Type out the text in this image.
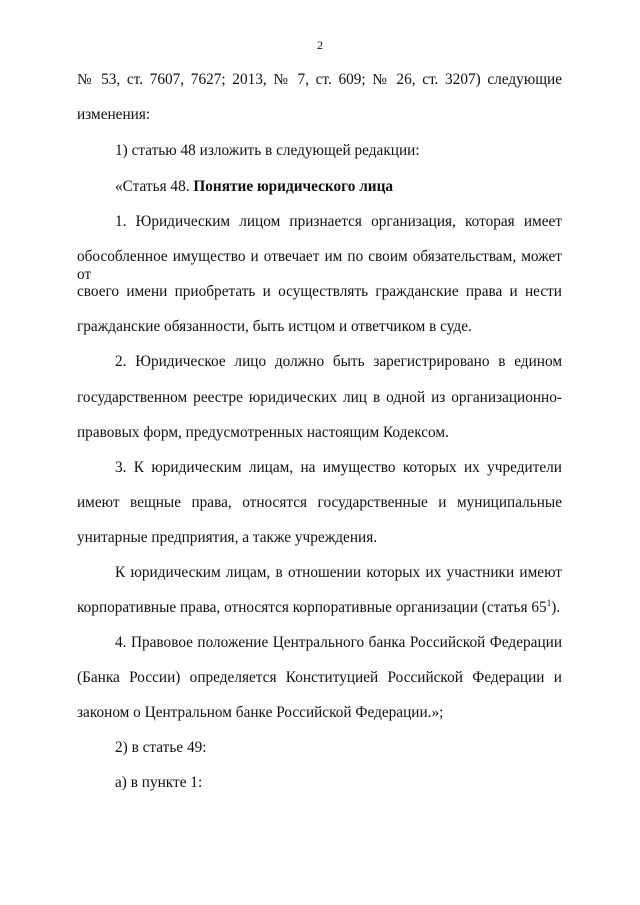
2
№ 53, ст. 7607, 7627; 2013, № 7, ст. 609; № 26, ст. 3207) следующие
изменения:
1) статью 48 изложить в следующей редакции:
«Статья 48. Понятие юридического лица
1. Юридическим лицом признается организация, которая имеет
обособленное имущество и отвечает им по своим обязательствам, может от
своего имени приобретать и осуществлять гражданские права и нести
гражданские обязанности, быть истцом и ответчиком в суде.
2. Юридическое лицо должно быть зарегистрировано в едином
государственном реестре юридических лиц в одной из организационно-
правовых форм, предусмотренных настоящим Кодексом.
3. К юридическим лицам, на имущество которых их учредители
имеют вещные права, относятся государственные и муниципальные
унитарные предприятия, а также учреждения.
К юридическим лицам, в отношении которых их участники имеют
корпоративные права, относятся корпоративные организации (статья $65^1$).
4. Правовое положение Центрального банка Российской Федерации
(Банка России) определяется Конституцией Российской Федерации и
законом о Центральном банке Российской Федерации.»;
2) в статье 49:
а) в пункте 1:
